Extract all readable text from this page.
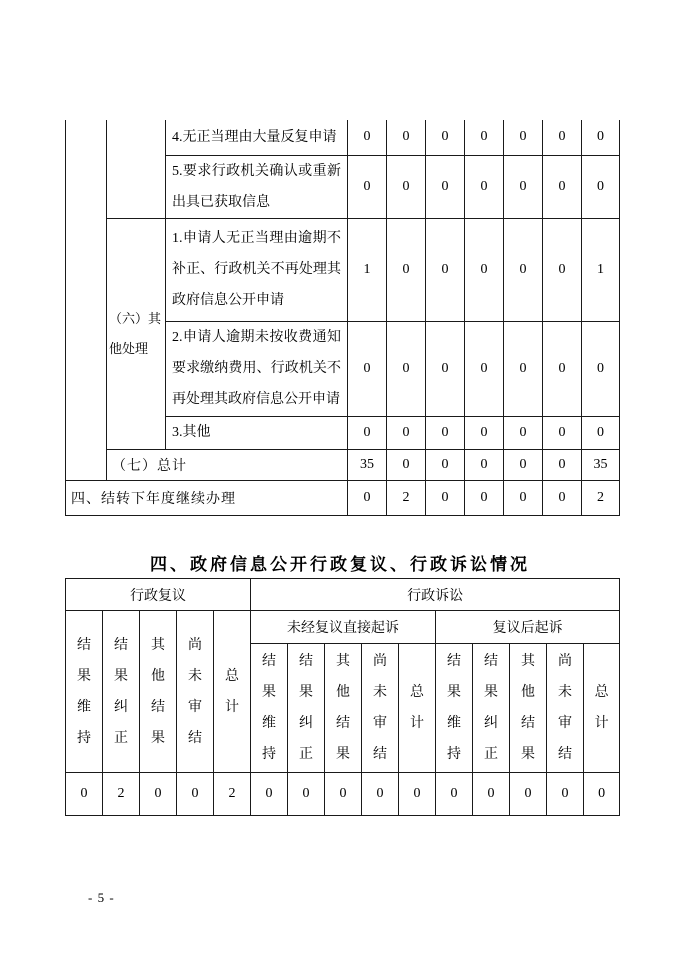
		4.无正当理由大量反复申请	0	0	0	0	0	0	0
		5.要求行政机关确认或重新出具已获取信息	0	0	0	0	0	0	0
	（六）其他处理	1.申请人无正当理由逾期不补正、行政机关不再处理其政府信息公开申请	1	0	0	0	0	0	1
		2.申请人逾期未按收费通知要求缴纳费用、行政机关不再处理其政府信息公开申请	0	0	0	0	0	0	0
		3.其他	0	0	0	0	0	0	0
	（七）总计		35	0	0	0	0	0	35
四、结转下年度继续办理			0	2	0	0	0	0	2
四、政府信息公开行政复议、行政诉讼情况
行政复议					行政诉讼									
结果维持	结果纠正	其他结果	尚未审结	总计	未经复议直接起诉					复议后起诉				
					结果维持	结果纠正	其他结果	尚未审结	总计	结果维持	结果纠正	其他结果	尚未审结	总计
0	2	0	0	2	0	0	0	0	0	0	0	0	0	0
- 5 -
